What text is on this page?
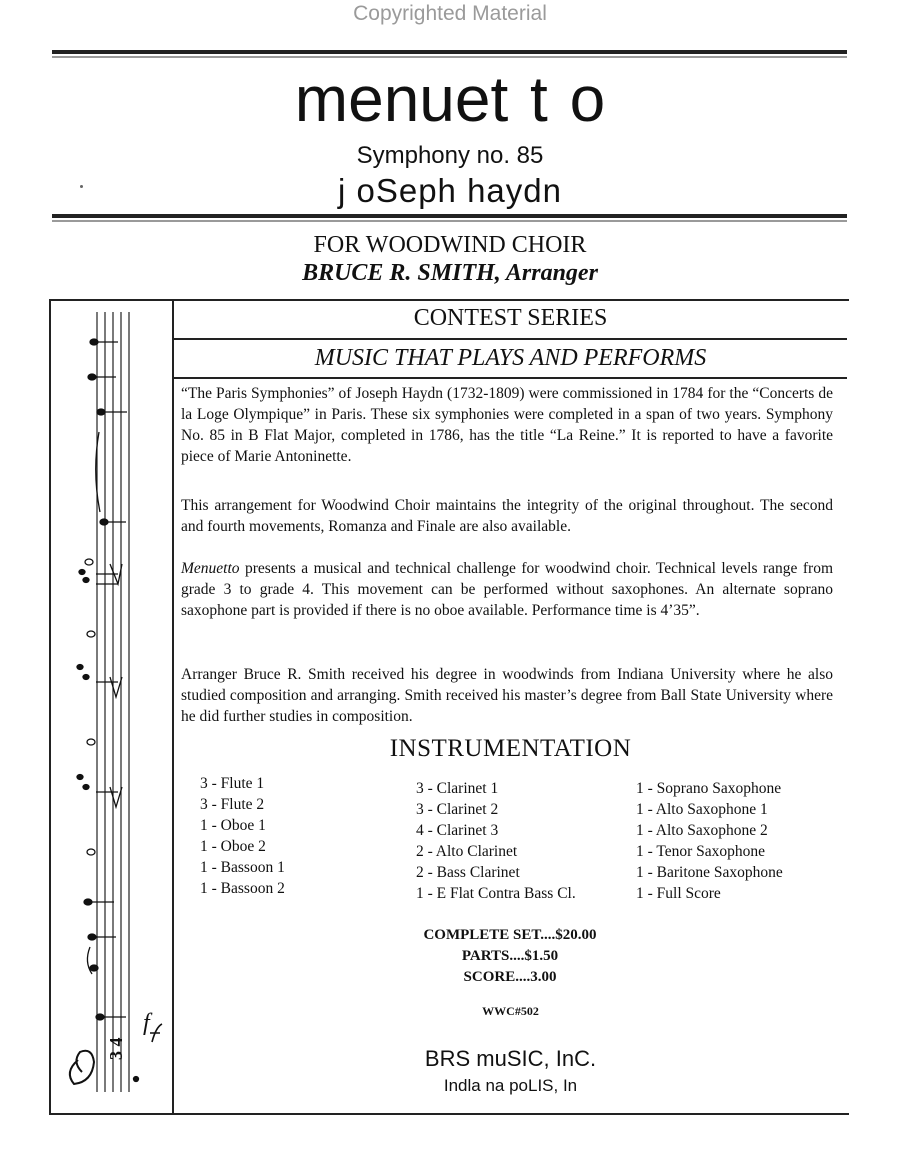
Copyrighted Material
menuet t o
Symphony no. 85
j oSeph haydn
FOR WOODWIND CHOIR
BRUCE R. SMITH, Arranger
3 4
CONTEST SERIES
MUSIC THAT PLAYS AND PERFORMS

“The Paris Symphonies” of Joseph Haydn (1732-1809) were commissioned in 1784 for the “Concerts de la Loge Olympique” in Paris. These six symphonies were completed in a span of two years. Symphony No. 85 in B Flat Major, completed in 1786, has the title “La Reine.” It is reported to have a favorite piece of Marie Antoninette.

This arrangement for Woodwind Choir maintains the integrity of the original throughout. The second and fourth movements, Romanza and Finale are also available.

Menuetto presents a musical and technical challenge for woodwind choir. Technical levels range from grade 3 to grade 4. This movement can be performed without saxophones. An alternate soprano saxophone part is provided if there is no oboe available. Performance time is 4’35”.

Arranger Bruce R. Smith received his degree in woodwinds from Indiana University where he also studied composition and arranging. Smith received his master’s degree from Ball State University where he did further studies in composition.

INSTRUMENTATION
3 - Flute 1
3 - Flute 2
1 - Oboe 1
1 - Oboe 2
1 - Bassoon 1
1 - Bassoon 2
3 - Clarinet 1
3 - Clarinet 2
4 - Clarinet 3
2 - Alto Clarinet
2 - Bass Clarinet
1 - E Flat Contra Bass Cl.
1 - Soprano Saxophone
1 - Alto Saxophone 1
1 - Alto Saxophone 2
1 - Tenor Saxophone
1 - Baritone Saxophone
1 - Full Score
COMPLETE SET....$20.00
PARTS....$1.50
SCORE....3.00
WWC#502
BRS muSIC, InC.
Indla na poLIS, In
f
